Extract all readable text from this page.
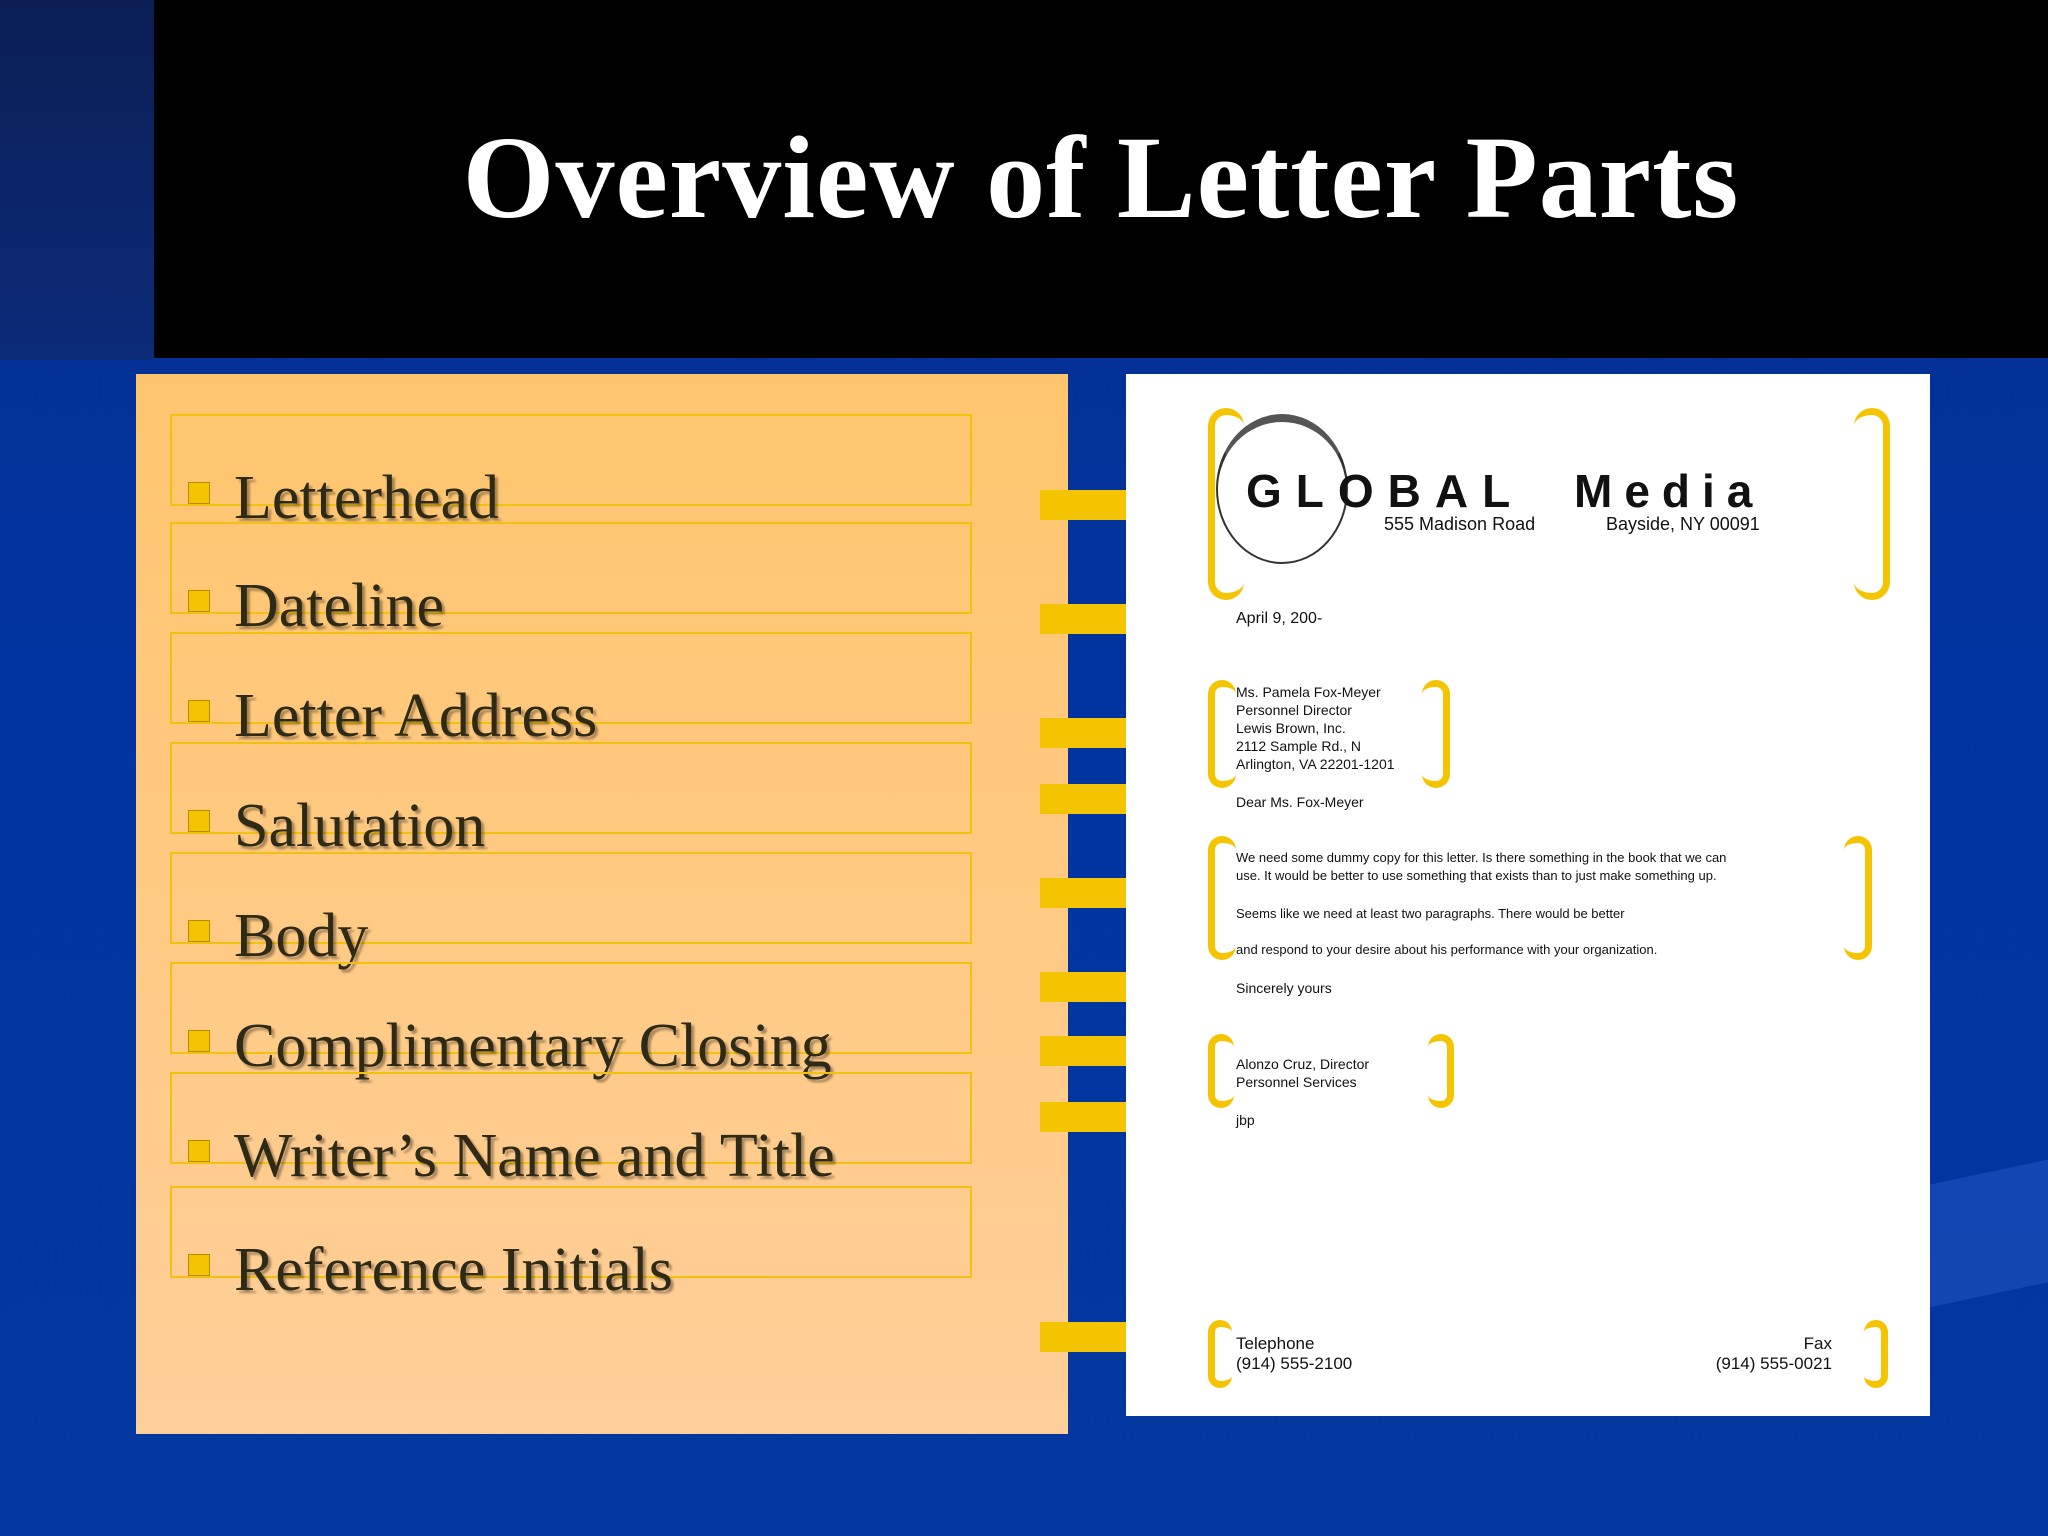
Overview of Letter Parts
Letterhead
Dateline
Letter Address
Salutation
Body
Complimentary Closing
Writer’s Name and Title
Reference Initials
GLOBAL Media
555 Madison Road	Bayside, NY 00091
April 9, 200-
Ms. Pamela Fox-Meyer
Personnel Director
Lewis Brown, Inc.
2112 Sample Rd., N
Arlington, VA 22201-1201
Dear Ms. Fox-Meyer
We need some dummy copy for this letter. Is there something in the book that we can
use. It would be better to use something that exists than to just make something up.
Seems like we need at least two paragraphs. There would be better
and respond to your desire about his performance with your organization.
Sincerely yours
Alonzo Cruz, Director
Personnel Services
jbp
Telephone
(914) 555-2100
Fax
(914) 555-0021
